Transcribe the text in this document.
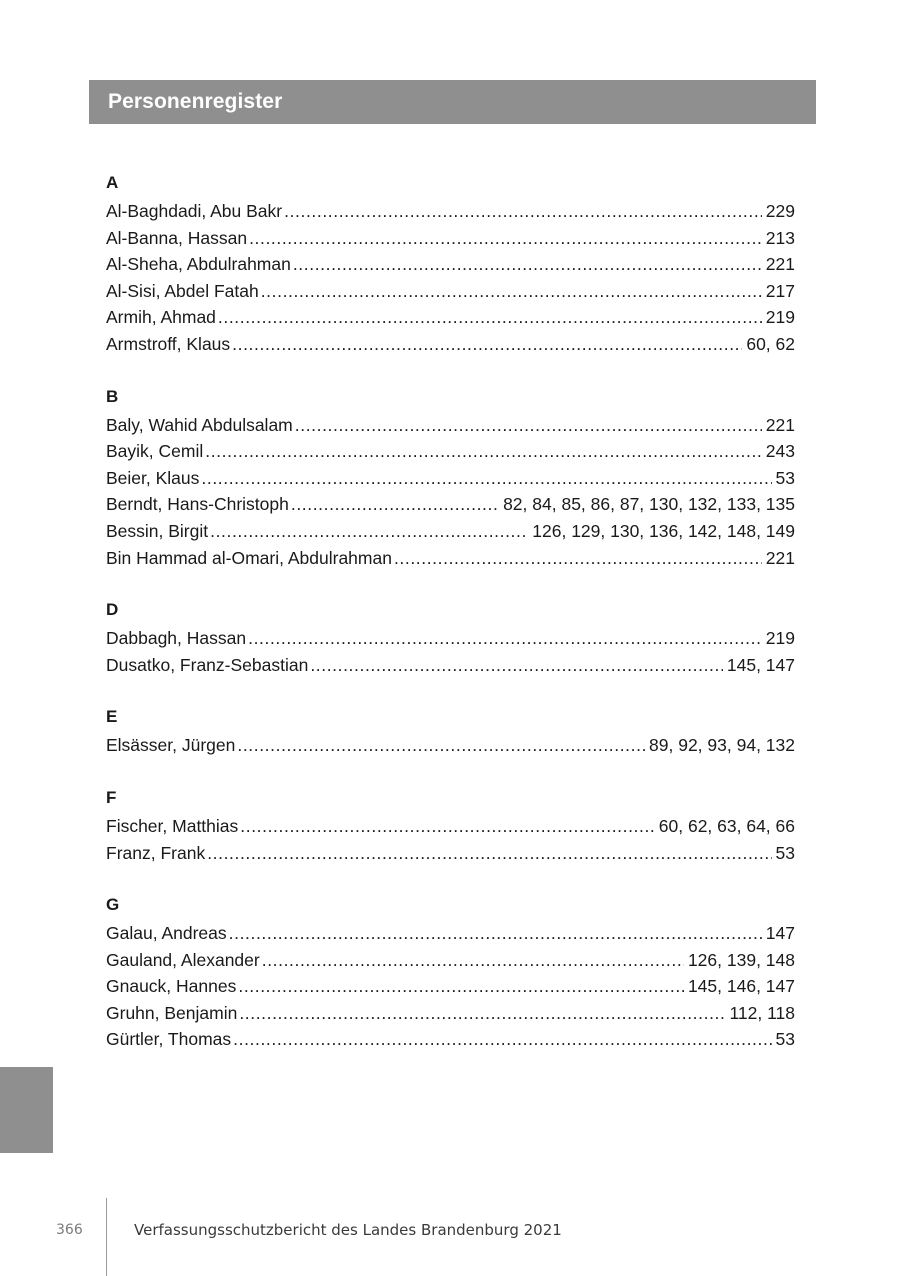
Personenregister
A
Al-Baghdadi, Abu Bakr .....	229
Al-Banna, Hassan .....	213
Al-Sheha, Abdulrahman .....	221
Al-Sisi, Abdel Fatah .....	217
Armih, Ahmad .....	219
Armstroff, Klaus .....	60, 62
B
Baly, Wahid Abdulsalam .....	221
Bayik, Cemil .....	243
Beier, Klaus .....	53
Berndt, Hans-Christoph .....	82, 84, 85, 86, 87, 130, 132, 133, 135
Bessin, Birgit .....	126, 129, 130, 136, 142, 148, 149
Bin Hammad al-Omari, Abdulrahman .....	221
D
Dabbagh, Hassan .....	219
Dusatko, Franz-Sebastian .....	145, 147
E
Elsässer, Jürgen .....	89, 92, 93, 94, 132
F
Fischer, Matthias .....	60, 62, 63, 64, 66
Franz, Frank .....	53
G
Galau, Andreas .....	147
Gauland, Alexander .....	126, 139, 148
Gnauck, Hannes .....	145, 146, 147
Gruhn, Benjamin .....	112, 118
Gürtler, Thomas .....	53
366	Verfassungsschutzbericht des Landes Brandenburg 2021
